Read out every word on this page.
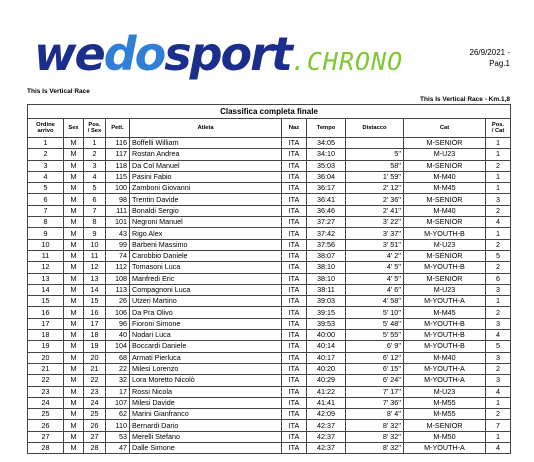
wedosport.CHRONO	26/9/2021 -
Pag.1
This Is Vertical Race
This Is Vertical Race - Km.1,8
Classifica completa finale									
Ordine
arrivo	Sex	Pos.
/ Sex	Pett.	Atleta	Naz	Tempo	Distacco	Cat	Pos.
/ Cat
1	M	1	116	Boffelli William	ITA	34:05		M-SENIOR	1
2	M	2	117	Rostan Andrea	ITA	34:10	5''	M-U23	1
3	M	3	118	Da Col Manuel	ITA	35:03	58''	M-SENIOR	2
4	M	4	115	Pasini Fabio	ITA	36:04	1' 59''	M-M40	1
5	M	5	100	Zamboni Giovanni	ITA	36:17	2' 12''	M-M45	1
6	M	6	98	Trentin Davide	ITA	36:41	2' 36''	M-SENIOR	3
7	M	7	111	Bonaldi Sergio	ITA	36:46	2' 41''	M-M40	2
8	M	8	101	Negroni Manuel	ITA	37:27	3' 22''	M-SENIOR	4
9	M	9	43	Rigo Alex	ITA	37:42	3' 37''	M-YOUTH-B	1
10	M	10	99	Barbeni Massimo	ITA	37:56	3' 51''	M-U23	2
11	M	11	74	Carobbio Daniele	ITA	38:07	4' 2''	M-SENIOR	5
12	M	12	112	Tomasoni Luca	ITA	38:10	4' 5''	M-YOUTH-B	2
13	M	13	108	Manfredi Eric	ITA	38:10	4' 5''	M-SENIOR	6
14	M	14	113	Compagnoni Luca	ITA	38:11	4' 6''	M-U23	3
15	M	15	26	Utzeri Martino	ITA	39:03	4' 58''	M-YOUTH-A	1
16	M	16	106	Da Pra Olivo	ITA	39:15	5' 10''	M-M45	2
17	M	17	96	Fioroni Simone	ITA	39:53	5' 48''	M-YOUTH-B	3
18	M	18	40	Nodari Luca	ITA	40:00	5' 55''	M-YOUTH-B	4
19	M	19	104	Boccardi Daniele	ITA	40:14	6' 9''	M-YOUTH-B	5
20	M	20	68	Armati Pierluca	ITA	40:17	6' 12''	M-M40	3
21	M	21	22	Milesi Lorenzo	ITA	40:20	6' 15''	M-YOUTH-A	2
22	M	22	32	Lora Moretto Nicolò	ITA	40:29	6' 24''	M-YOUTH-A	3
23	M	23	17	Rossi Nicola	ITA	41:22	7' 17''	M-U23	4
24	M	24	107	Milesi Davide	ITA	41:41	7' 36''	M-M55	1
25	M	25	62	Marini Gianfranco	ITA	42:09	8' 4''	M-M55	2
26	M	26	110	Bernardi Dario	ITA	42:37	8' 32''	M-SENIOR	7
27	M	27	53	Merelli Stefano	ITA	42:37	8' 32''	M-M50	1
28	M	28	47	Dalle Simone	ITA	42:37	8' 32''	M-YOUTH-A	4
